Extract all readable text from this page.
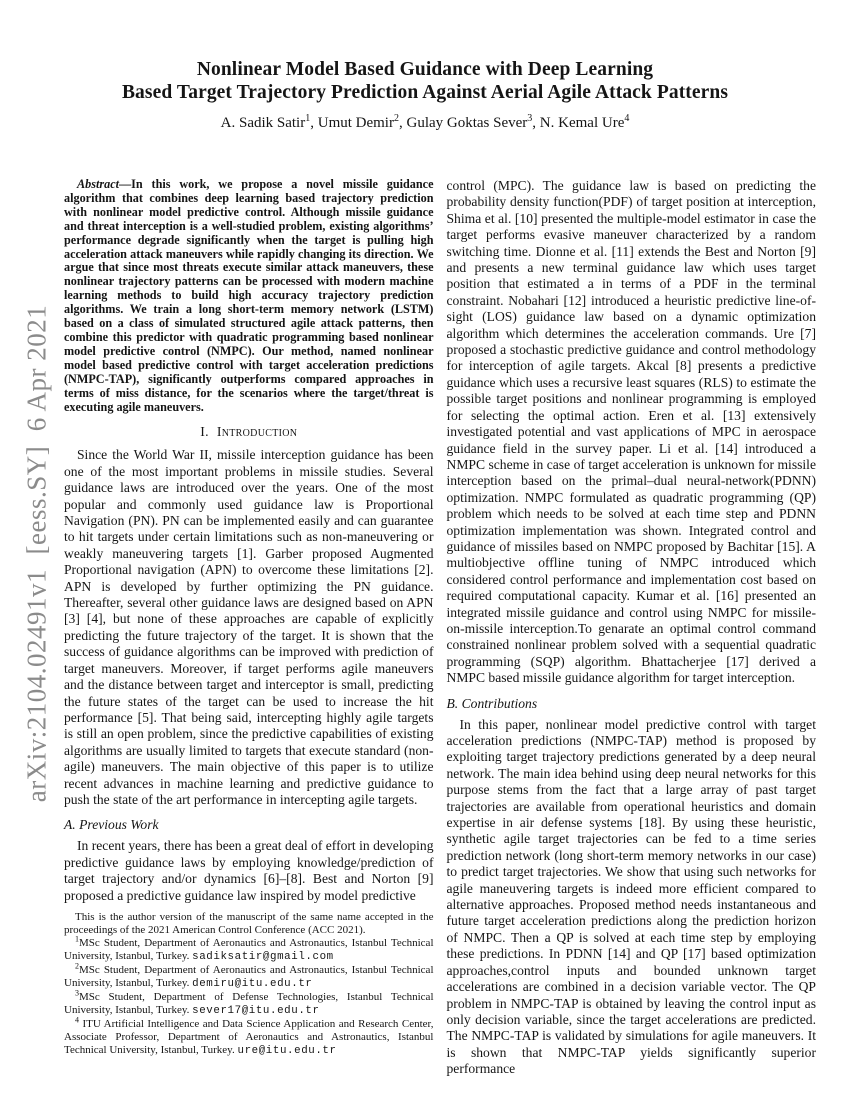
arXiv:2104.02491v1  [eess.SY]  6 Apr 2021
Nonlinear Model Based Guidance with Deep Learning
Based Target Trajectory Prediction Against Aerial Agile Attack Patterns
A. Sadik Satir$^1$, Umut Demir$^2$, Gulay Goktas Sever$^3$, N. Kemal Ure$^4$

Abstract—In this work, we propose a novel missile guidance algorithm that combines deep learning based trajectory prediction with nonlinear model predictive control. Although missile guidance and threat interception is a well-studied problem, existing algorithms’ performance degrade significantly when the target is pulling high acceleration attack maneuvers while rapidly changing its direction. We argue that since most threats execute similar attack maneuvers, these nonlinear trajectory patterns can be processed with modern machine learning methods to build high accuracy trajectory prediction algorithms. We train a long short-term memory network (LSTM) based on a class of simulated structured agile attack patterns, then combine this predictor with quadratic programming based nonlinear model predictive control (NMPC). Our method, named nonlinear model based predictive control with target acceleration predictions (NMPC-TAP), significantly outperforms compared approaches in terms of miss distance, for the scenarios where the target/threat is executing agile maneuvers.

I. Introduction

Since the World War II, missile interception guidance has been one of the most important problems in missile studies. Several guidance laws are introduced over the years. One of the most popular and commonly used guidance law is Proportional Navigation (PN). PN can be implemented easily and can guarantee to hit targets under certain limitations such as non-maneuvering or weakly maneuvering targets [1]. Garber proposed Augmented Proportional navigation (APN) to overcome these limitations [2]. APN is developed by further optimizing the PN guidance. Thereafter, several other guidance laws are designed based on APN [3] [4], but none of these approaches are capable of explicitly predicting the future trajectory of the target. It is shown that the success of guidance algorithms can be improved with prediction of target maneuvers. Moreover, if target performs agile maneuvers and the distance between target and interceptor is small, predicting the future states of the target can be used to increase the hit performance [5]. That being said, intercepting highly agile targets is still an open problem, since the predictive capabilities of existing algorithms are usually limited to targets that execute standard (non-agile) maneuvers. The main objective of this paper is to utilize recent advances in machine learning and predictive guidance to push the state of the art performance in intercepting agile targets.

A. Previous Work

In recent years, there has been a great deal of effort in developing predictive guidance laws by employing knowledge/prediction of target trajectory and/or dynamics [6]–[8]. Best and Norton [9] proposed a predictive guidance law inspired by model predictive

This is the author version of the manuscript of the same name accepted in the proceedings of the 2021 American Control Conference (ACC 2021).

$^1$MSc Student, Department of Aeronautics and Astronautics, Istanbul Technical University, Istanbul, Turkey. sadiksatir@gmail.com

$^2$MSc Student, Department of Aeronautics and Astronautics, Istanbul Technical University, Istanbul, Turkey. demiru@itu.edu.tr

$^3$MSc Student, Department of Defense Technologies, Istanbul Technical University, Istanbul, Turkey. sever17@itu.edu.tr

$^4$ ITU Artificial Intelligence and Data Science Application and Research Center, Associate Professor, Department of Aeronautics and Astronautics, Istanbul Technical University, Istanbul, Turkey. ure@itu.edu.tr

control (MPC). The guidance law is based on predicting the probability density function(PDF) of target position at interception, Shima et al. [10] presented the multiple-model estimator in case the target performs evasive maneuver characterized by a random switching time. Dionne et al. [11] extends the Best and Norton [9] and presents a new terminal guidance law which uses target position that estimated a in terms of a PDF in the terminal constraint. Nobahari [12] introduced a heuristic predictive line-of-sight (LOS) guidance law based on a dynamic optimization algorithm which determines the acceleration commands. Ure [7] proposed a stochastic predictive guidance and control methodology for interception of agile targets. Akcal [8] presents a predictive guidance which uses a recursive least squares (RLS) to estimate the possible target positions and nonlinear programming is employed for selecting the optimal action. Eren et al. [13] extensively investigated potential and vast applications of MPC in aerospace guidance field in the survey paper. Li et al. [14] introduced a NMPC scheme in case of target acceleration is unknown for missile interception based on the primal–dual neural-network(PDNN) optimization. NMPC formulated as quadratic programming (QP) problem which needs to be solved at each time step and PDNN optimization implementation was shown. Integrated control and guidance of missiles based on NMPC proposed by Bachitar [15]. A multiobjective offline tuning of NMPC introduced which considered control performance and implementation cost based on required computational capacity. Kumar et al. [16] presented an integrated missile guidance and control using NMPC for missile-on-missile interception.To genarate an optimal control command constrained nonlinear problem solved with a sequential quadratic programming (SQP) algorithm. Bhattacherjee [17] derived a NMPC based missile guidance algorithm for target interception.

B. Contributions

In this paper, nonlinear model predictive control with target acceleration predictions (NMPC-TAP) method is proposed by exploiting target trajectory predictions generated by a deep neural network. The main idea behind using deep neural networks for this purpose stems from the fact that a large array of past target trajectories are available from operational heuristics and domain expertise in air defense systems [18]. By using these heuristic, synthetic agile target trajectories can be fed to a time series prediction network (long short-term memory networks in our case) to predict target trajectories. We show that using such networks for agile maneuvering targets is indeed more efficient compared to alternative approaches. Proposed method needs instantaneous and future target acceleration predictions along the prediction horizon of NMPC. Then a QP is solved at each time step by employing these predictions. In PDNN [14] and QP [17] based optimization approaches,control inputs and bounded unknown target accelerations are combined in a decision variable vector. The QP problem in NMPC-TAP is obtained by leaving the control input as only decision variable, since the target accelerations are predicted. The NMPC-TAP is validated by simulations for agile maneuvers. It is shown that NMPC-TAP yields significantly superior performance
